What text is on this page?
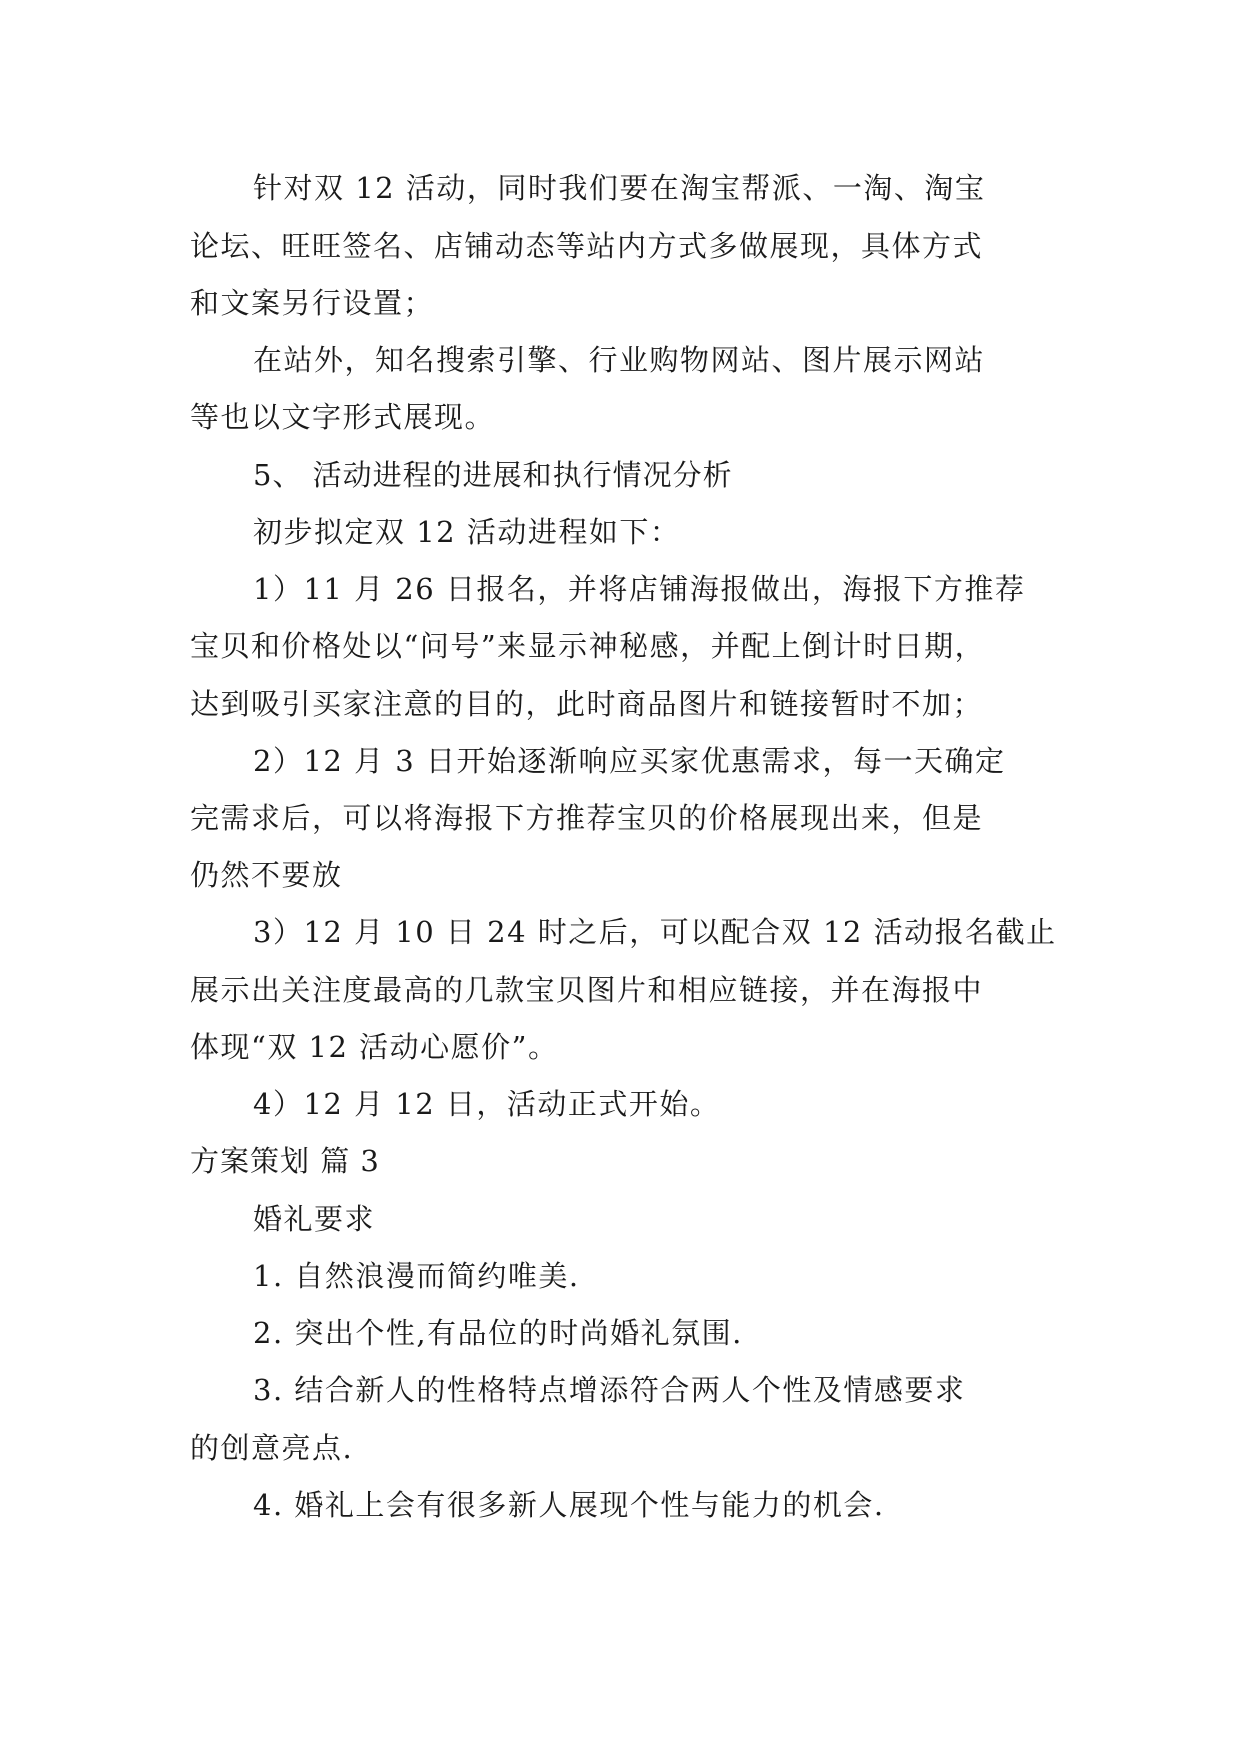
针对双 12 活动，同时我们要在淘宝帮派、一淘、淘宝
论坛、旺旺签名、店铺动态等站内方式多做展现，具体方式
和文案另行设置；
在站外，知名搜索引擎、行业购物网站、图片展示网站
等也以文字形式展现。
5、 活动进程的进展和执行情况分析
初步拟定双 12 活动进程如下：
1）11 月 26 日报名，并将店铺海报做出，海报下方推荐
宝贝和价格处以“问号”来显示神秘感，并配上倒计时日期，
达到吸引买家注意的目的，此时商品图片和链接暂时不加；
2）12 月 3 日开始逐渐响应买家优惠需求，每一天确定
完需求后，可以将海报下方推荐宝贝的价格展现出来，但是
仍然不要放
3）12 月 10 日 24 时之后，可以配合双 12 活动报名截止
展示出关注度最高的几款宝贝图片和相应链接，并在海报中
体现“双 12 活动心愿价”。
4）12 月 12 日，活动正式开始。
方案策划 篇 3
婚礼要求
1. 自然浪漫而简约唯美.
2. 突出个性,有品位的时尚婚礼氛围.
3. 结合新人的性格特点增添符合两人个性及情感要求
的创意亮点.
4. 婚礼上会有很多新人展现个性与能力的机会.
